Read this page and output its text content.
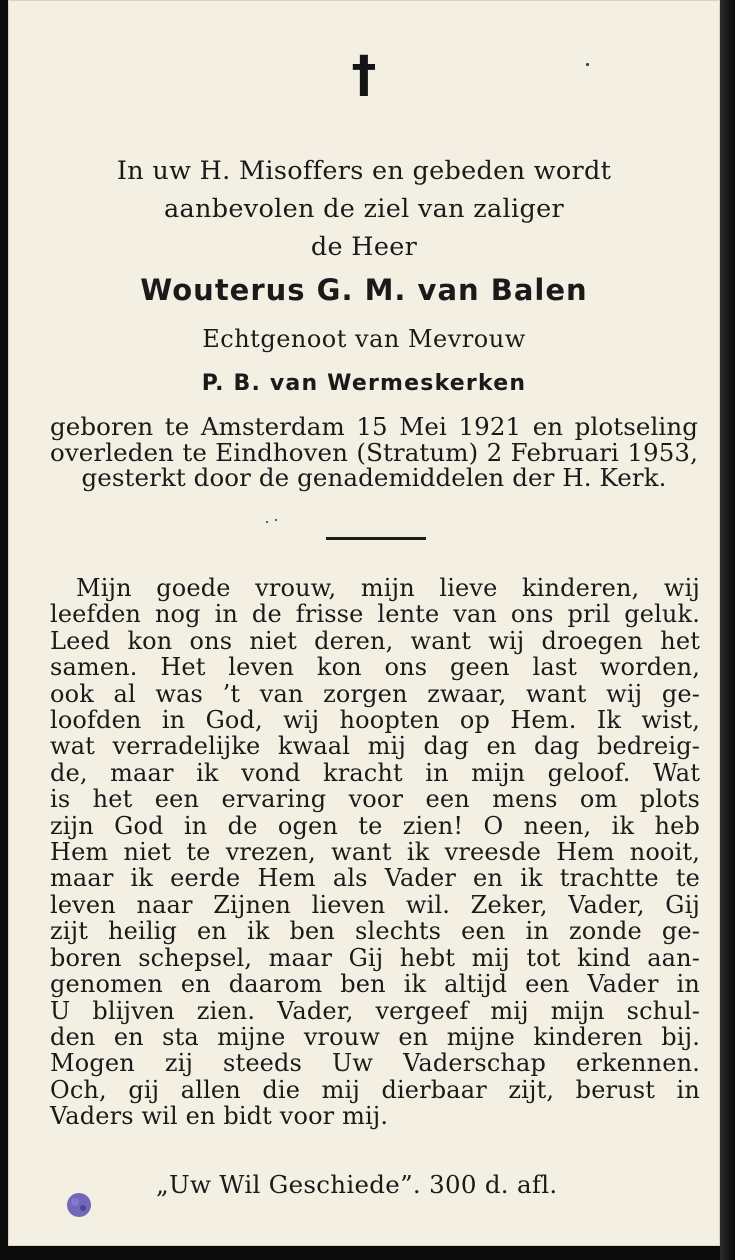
†
In uw H. Misoffers en gebeden wordt
aanbevolen de ziel van zaliger
de Heer
Wouterus G. M. van Balen
Echtgenoot van Mevrouw
P. B. van Wermeskerken
geboren te Amsterdam 15 Mei 1921 en plotseling overleden te Eindhoven (Stratum) 2 Februari 1953, gesterkt door de genademiddelen der H. Kerk.
Mijn goede vrouw, mijn lieve kinderen, wij
leefden nog in de frisse lente van ons pril geluk.
Leed kon ons niet deren, want wij droegen het
samen. Het leven kon ons geen last worden,
ook al was ’t van zorgen zwaar, want wij ge-
loofden in God, wij hoopten op Hem. Ik wist,
wat verradelijke kwaal mij dag en dag bedreig-
de, maar ik vond kracht in mijn geloof. Wat
is het een ervaring voor een mens om plots
zijn God in de ogen te zien! O neen, ik heb
Hem niet te vrezen, want ik vreesde Hem nooit,
maar ik eerde Hem als Vader en ik trachtte te
leven naar Zijnen lieven wil. Zeker, Vader, Gij
zijt heilig en ik ben slechts een in zonde ge-
boren schepsel, maar Gij hebt mij tot kind aan-
genomen en daarom ben ik altijd een Vader in
U blijven zien. Vader, vergeef mij mijn schul-
den en sta mijne vrouw en mijne kinderen bij.
Mogen zij steeds Uw Vaderschap erkennen.
Och, gij allen die mij dierbaar zijt, berust in
Vaders wil en bidt voor mij.
„Uw Wil Geschiede”. 300 d. afl.
